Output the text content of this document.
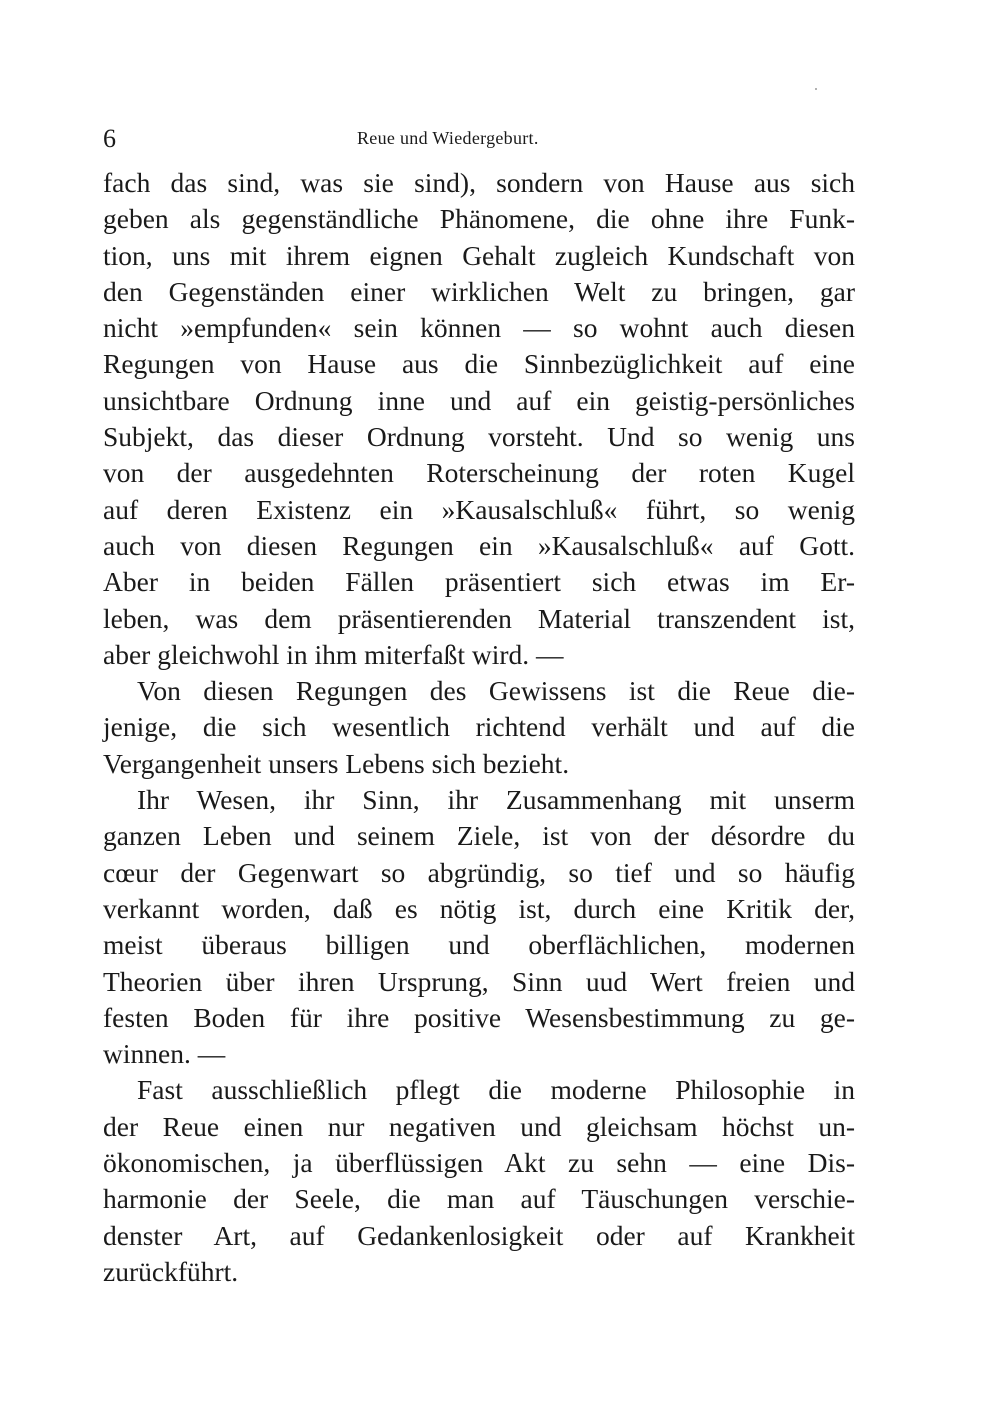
6	Reue und Wiedergeburt.
fach das sind, was sie sind), sondern von Hause aus sich
geben als gegenständliche Phänomene, die ohne ihre Funk-
tion, uns mit ihrem eignen Gehalt zugleich Kundschaft von
den Gegenständen einer wirklichen Welt zu bringen, gar
nicht »empfunden« sein können — so wohnt auch diesen
Regungen von Hause aus die Sinnbezüglichkeit auf eine
unsichtbare Ordnung inne und auf ein geistig-persönliches
Subjekt, das dieser Ordnung vorsteht. Und so wenig uns
von der ausgedehnten Roterscheinung der roten Kugel
auf deren Existenz ein »Kausalschluß« führt, so wenig
auch von diesen Regungen ein »Kausalschluß« auf Gott.
Aber in beiden Fällen präsentiert sich etwas im Er-
leben, was dem präsentierenden Material transzendent ist,
aber gleichwohl in ihm miterfaßt wird. —
Von diesen Regungen des Gewissens ist die Reue die-
jenige, die sich wesentlich richtend verhält und auf die
Vergangenheit unsers Lebens sich bezieht.
Ihr Wesen, ihr Sinn, ihr Zusammenhang mit unserm
ganzen Leben und seinem Ziele, ist von der désordre du
cœur der Gegenwart so abgründig, so tief und so häufig
verkannt worden, daß es nötig ist, durch eine Kritik der,
meist überaus billigen und oberflächlichen, modernen
Theorien über ihren Ursprung, Sinn uud Wert freien und
festen Boden für ihre positive Wesensbestimmung zu ge-
winnen. —
Fast ausschließlich pflegt die moderne Philosophie in
der Reue einen nur negativen und gleichsam höchst un-
ökonomischen, ja überflüssigen Akt zu sehn — eine Dis-
harmonie der Seele, die man auf Täuschungen verschie-
denster Art, auf Gedankenlosigkeit oder auf Krankheit
zurückführt.
